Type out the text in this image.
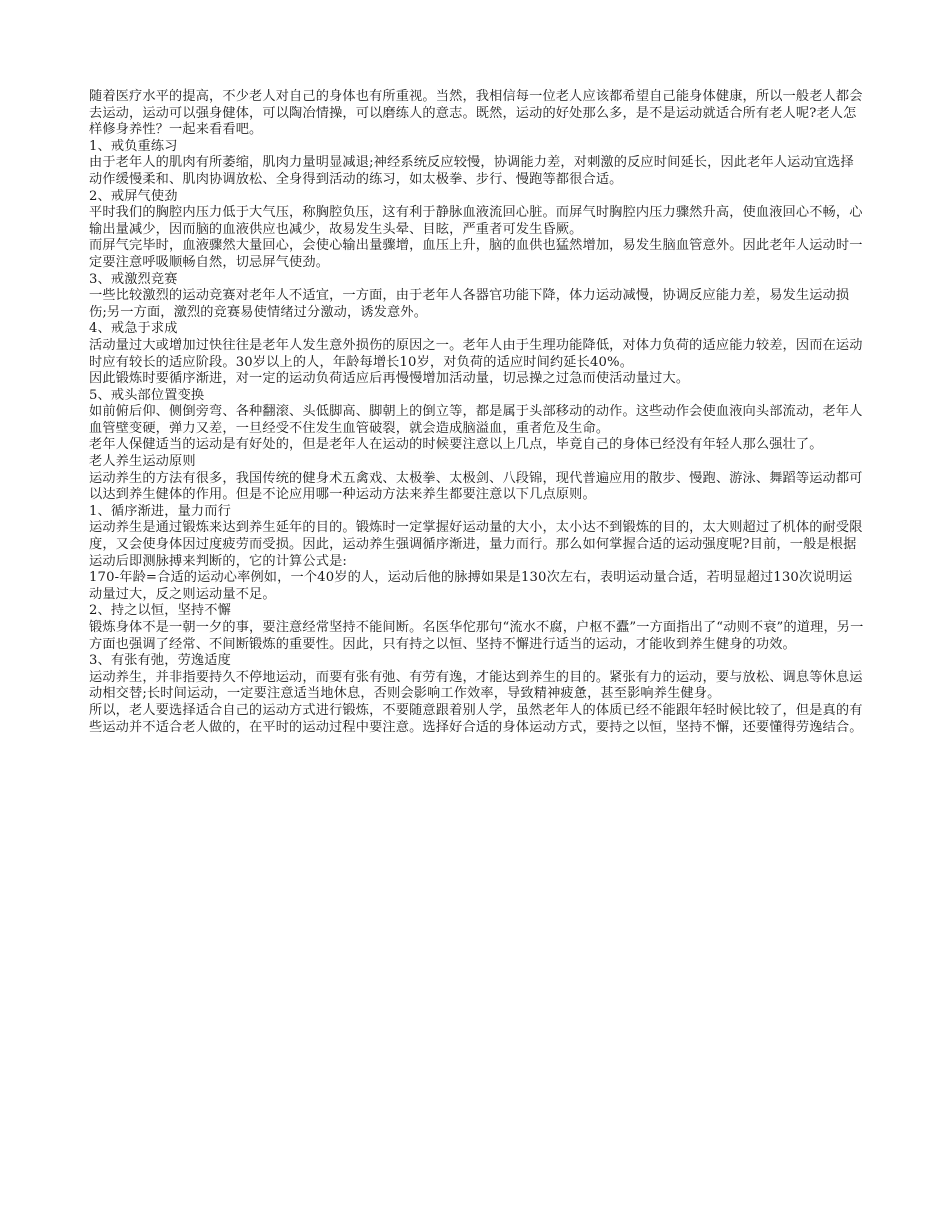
随着医疗水平的提高，不少老人对自己的身体也有所重视。当然，我相信每一位老人应该都希望自己能身体健康，所以一般老人都会去运动，运动可以强身健体，可以陶冶情操，可以磨练人的意志。既然，运动的好处那么多，是不是运动就适合所有老人呢?老人怎样修身养性？一起来看看吧。

1、戒负重练习

由于老年人的肌肉有所萎缩，肌肉力量明显减退;神经系统反应较慢，协调能力差，对刺激的反应时间延长，因此老年人运动宜选择动作缓慢柔和、肌肉协调放松、全身得到活动的练习，如太极拳、步行、慢跑等都很合适。

2、戒屏气使劲

平时我们的胸腔内压力低于大气压，称胸腔负压，这有利于静脉血液流回心脏。而屏气时胸腔内压力骤然升高，使血液回心不畅，心输出量减少，因而脑的血液供应也减少，故易发生头晕、目眩，严重者可发生昏厥。

而屏气完毕时，血液骤然大量回心，会使心输出量骤增，血压上升，脑的血供也猛然增加，易发生脑血管意外。因此老年人运动时一定要注意呼吸顺畅自然，切忌屏气使劲。

3、戒激烈竞赛

一些比较激烈的运动竞赛对老年人不适宜，一方面，由于老年人各器官功能下降，体力运动减慢，协调反应能力差，易发生运动损伤;另一方面，激烈的竞赛易使情绪过分激动，诱发意外。

4、戒急于求成

活动量过大或增加过快往往是老年人发生意外损伤的原因之一。老年人由于生理功能降低，对体力负荷的适应能力较差，因而在运动时应有较长的适应阶段。30岁以上的人，年龄每增长10岁，对负荷的适应时间约延长40%。

因此锻炼时要循序渐进，对一定的运动负荷适应后再慢慢增加活动量，切忌操之过急而使活动量过大。

5、戒头部位置变换

如前俯后仰、侧倒旁弯、各种翻滚、头低脚高、脚朝上的倒立等，都是属于头部移动的动作。这些动作会使血液向头部流动，老年人血管壁变硬，弹力又差，一旦经受不住发生血管破裂，就会造成脑溢血，重者危及生命。

老年人保健适当的运动是有好处的，但是老年人在运动的时候要注意以上几点，毕竟自己的身体已经没有年轻人那么强壮了。

老人养生运动原则

运动养生的方法有很多，我国传统的健身术五禽戏、太极拳、太极剑、八段锦，现代普遍应用的散步、慢跑、游泳、舞蹈等运动都可以达到养生健体的作用。但是不论应用哪一种运动方法来养生都要注意以下几点原则。

1、循序渐进，量力而行

运动养生是通过锻炼来达到养生延年的目的。锻炼时一定掌握好运动量的大小，太小达不到锻炼的目的，太大则超过了机体的耐受限度，又会使身体因过度疲劳而受损。因此，运动养生强调循序渐进，量力而行。那么如何掌握合适的运动强度呢?目前，一般是根据运动后即测脉搏来判断的，它的计算公式是:

170-年龄=合适的运动心率例如，一个40岁的人，运动后他的脉搏如果是130次左右，表明运动量合适，若明显超过130次说明运动量过大，反之则运动量不足。

2、持之以恒，坚持不懈

锻炼身体不是一朝一夕的事，要注意经常坚持不能间断。名医华佗那句“流水不腐，户枢不蠹”一方面指出了“动则不衰”的道理，另一方面也强调了经常、不间断锻炼的重要性。因此，只有持之以恒、坚持不懈进行适当的运动，才能收到养生健身的功效。

3、有张有弛，劳逸适度

运动养生，并非指要持久不停地运动，而要有张有弛、有劳有逸，才能达到养生的目的。紧张有力的运动，要与放松、调息等休息运动相交替;长时间运动，一定要注意适当地休息，否则会影响工作效率，导致精神疲惫，甚至影响养生健身。

所以，老人要选择适合自己的运动方式进行锻炼，不要随意跟着别人学，虽然老年人的体质已经不能跟年轻时候比较了，但是真的有些运动并不适合老人做的，在平时的运动过程中要注意。选择好合适的身体运动方式，要持之以恒，坚持不懈，还要懂得劳逸结合。
